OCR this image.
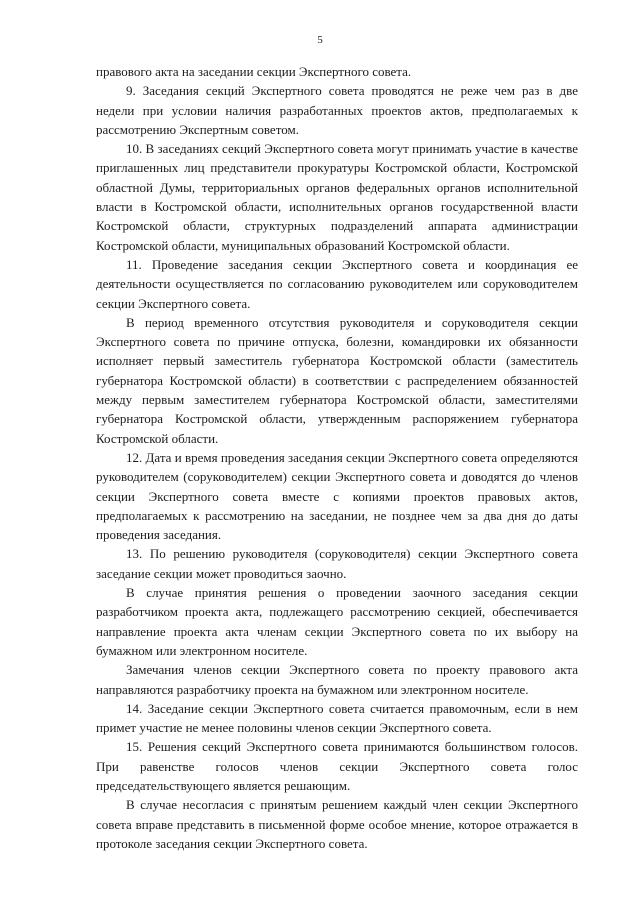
5

правового акта на заседании секции Экспертного совета.

9. Заседания секций Экспертного совета проводятся не реже чем раз в две недели при условии наличия разработанных проектов актов, предполагаемых к рассмотрению Экспертным советом.

10. В заседаниях секций Экспертного совета могут принимать участие в качестве приглашенных лиц представители прокуратуры Костромской области, Костромской областной Думы, территориальных органов федеральных органов исполнительной власти в Костромской области, исполнительных органов государственной власти Костромской области, структурных подразделений аппарата администрации Костромской области, муниципальных образований Костромской области.

11. Проведение заседания секции Экспертного совета и координация ее деятельности осуществляется по согласованию руководителем или соруководителем секции Экспертного совета.

В период временного отсутствия руководителя и соруководителя секции Экспертного совета по причине отпуска, болезни, командировки их обязанности исполняет первый заместитель губернатора Костромской области (заместитель губернатора Костромской области) в соответствии с распределением обязанностей между первым заместителем губернатора Костромской области, заместителями губернатора Костромской области, утвержденным распоряжением губернатора Костромской области.

12. Дата и время проведения заседания секции Экспертного совета определяются руководителем (соруководителем) секции Экспертного совета и доводятся до членов секции Экспертного совета вместе с копиями проектов правовых актов, предполагаемых к рассмотрению на заседании, не позднее чем за два дня до даты проведения заседания.

13. По решению руководителя (соруководителя) секции Экспертного совета заседание секции может проводиться заочно.

В случае принятия решения о проведении заочного заседания секции разработчиком проекта акта, подлежащего рассмотрению секцией, обеспечивается направление проекта акта членам секции Экспертного совета по их выбору на бумажном или электронном носителе.

Замечания членов секции Экспертного совета по проекту правового акта направляются разработчику проекта на бумажном или электронном носителе.

14. Заседание секции Экспертного совета считается правомочным, если в нем примет участие не менее половины членов секции Экспертного совета.

15. Решения секций Экспертного совета принимаются большинством голосов. При равенстве голосов членов секции Экспертного совета голос председательствующего является решающим.

В случае несогласия с принятым решением каждый член секции Экспертного совета вправе представить в письменной форме особое мнение, которое отражается в протоколе заседания секции Экспертного совета.
